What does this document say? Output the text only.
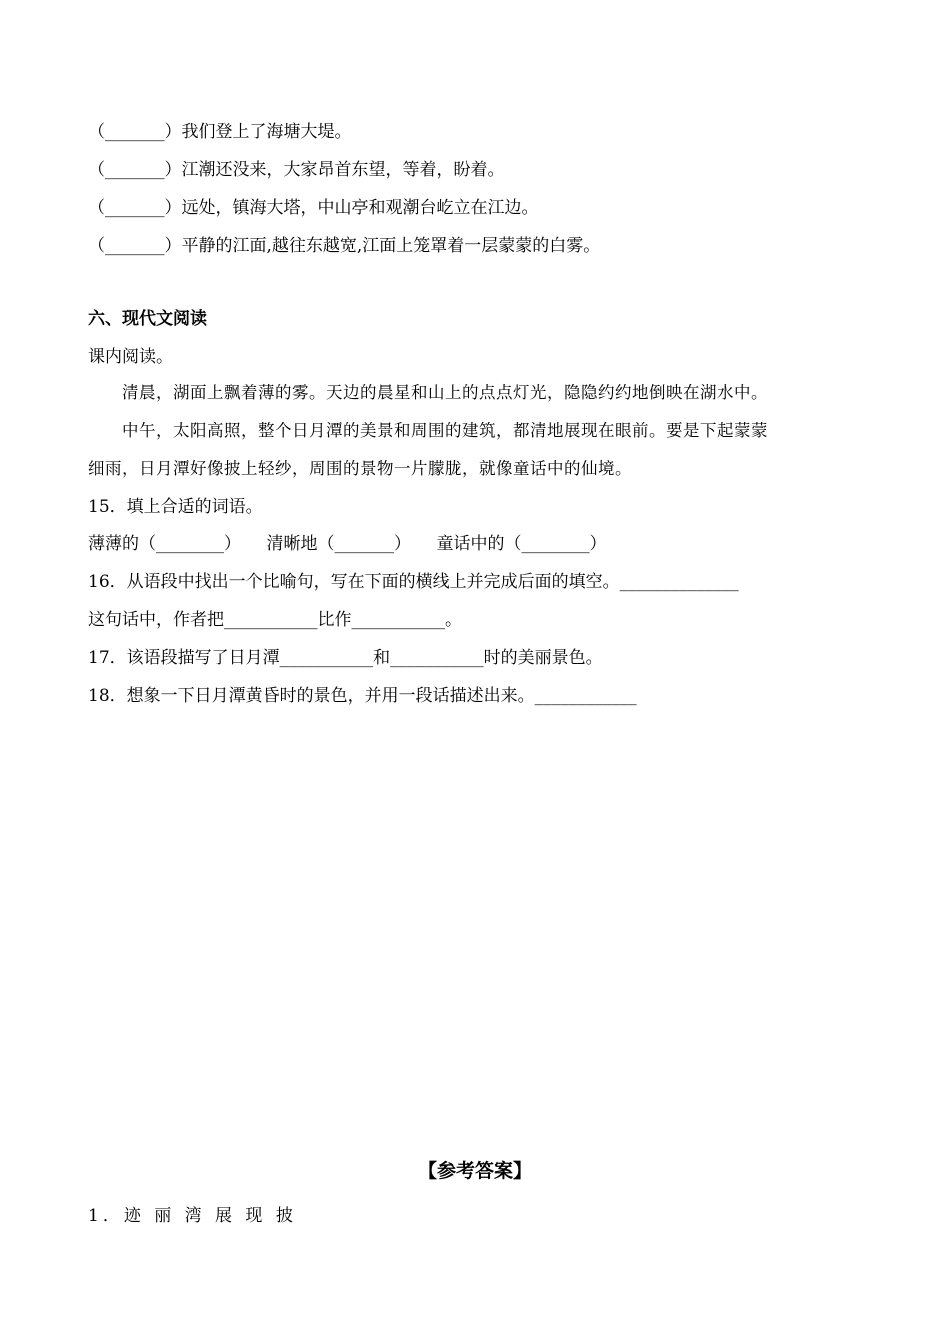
（_______）我们登上了海塘大堤。
（_______）江潮还没来，大家昂首东望，等着，盼着。
（_______）远处，镇海大塔，中山亭和观潮台屹立在江边。
（_______）平静的江面,越往东越宽,江面上笼罩着一层蒙蒙的白雾。
六、现代文阅读
课内阅读。
清晨，湖面上飘着薄的雾。天边的晨星和山上的点点灯光，隐隐约约地倒映在湖水中。
中午，太阳高照，整个日月潭的美景和周围的建筑，都清地展现在眼前。要是下起蒙蒙
细雨，日月潭好像披上轻纱，周围的景物一片朦胧，就像童话中的仙境。
15．填上合适的词语。
薄薄的（________）　　清晰地（_______）　　童话中的（________）
16．从语段中找出一个比喻句，写在下面的横线上并完成后面的填空。______________
这句话中，作者把___________比作___________。
17．该语段描写了日月潭___________和___________时的美丽景色。
18．想象一下日月潭黄昏时的景色，并用一段话描述出来。____________
【参考答案】
1．迹 丽 湾 展 现 披
